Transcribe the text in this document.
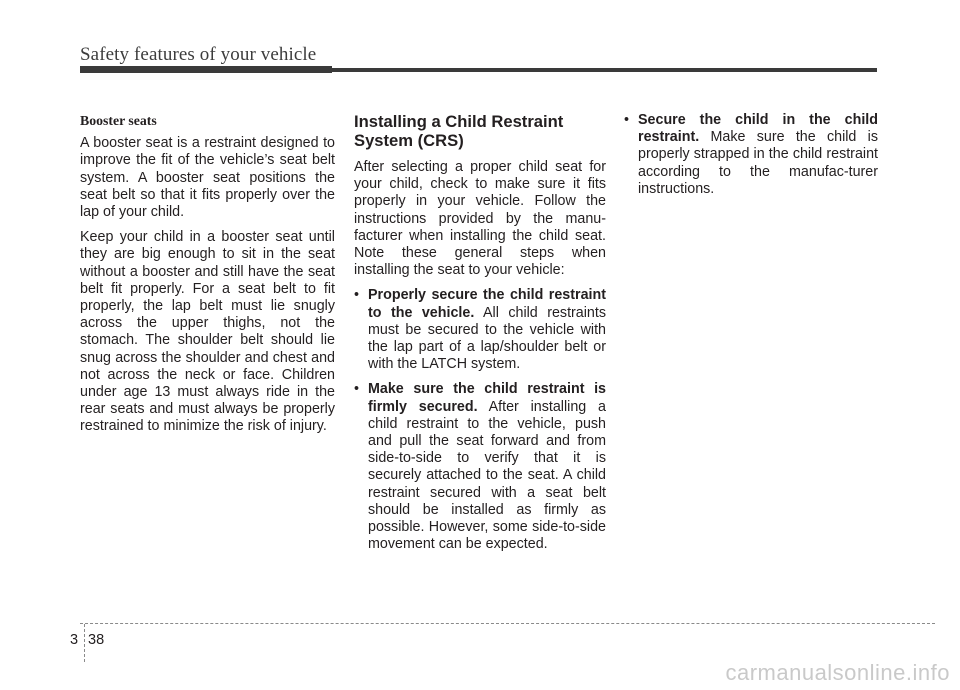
Safety features of your vehicle
Booster seats

A booster seat is a restraint designed to improve the fit of the vehicle’s seat belt system. A booster seat positions the seat belt so that it fits properly over the lap of your child.

Keep your child in a booster seat until they are big enough to sit in the seat without a booster and still have the seat belt fit properly. For a seat belt to fit properly, the lap belt must lie snugly across the upper thighs, not the stomach. The shoulder belt should lie snug across the shoulder and chest and not across the neck or face. Children under age 13 must always ride in the rear seats and must always be properly restrained to minimize the risk of injury.

Installing a Child Restraint System (CRS)

After selecting a proper child seat for your child, check to make sure it fits properly in your vehicle. Follow the instructions provided by the manu-facturer when installing the child seat. Note these general steps when installing the seat to your vehicle:

• Properly secure the child restraint to the vehicle. All child restraints must be secured to the vehicle with the lap part of a lap/shoulder belt or with the LATCH system.
• Make sure the child restraint is firmly secured. After installing a child restraint to the vehicle, push and pull the seat forward and from side-to-side to verify that it is securely attached to the seat. A child restraint secured with a seat belt should be installed as firmly as possible. However, some side-to-side movement can be expected.
• Secure the child in the child restraint. Make sure the child is properly strapped in the child restraint according to the manufac-turer instructions.
3 38
carmanualsonline.info
